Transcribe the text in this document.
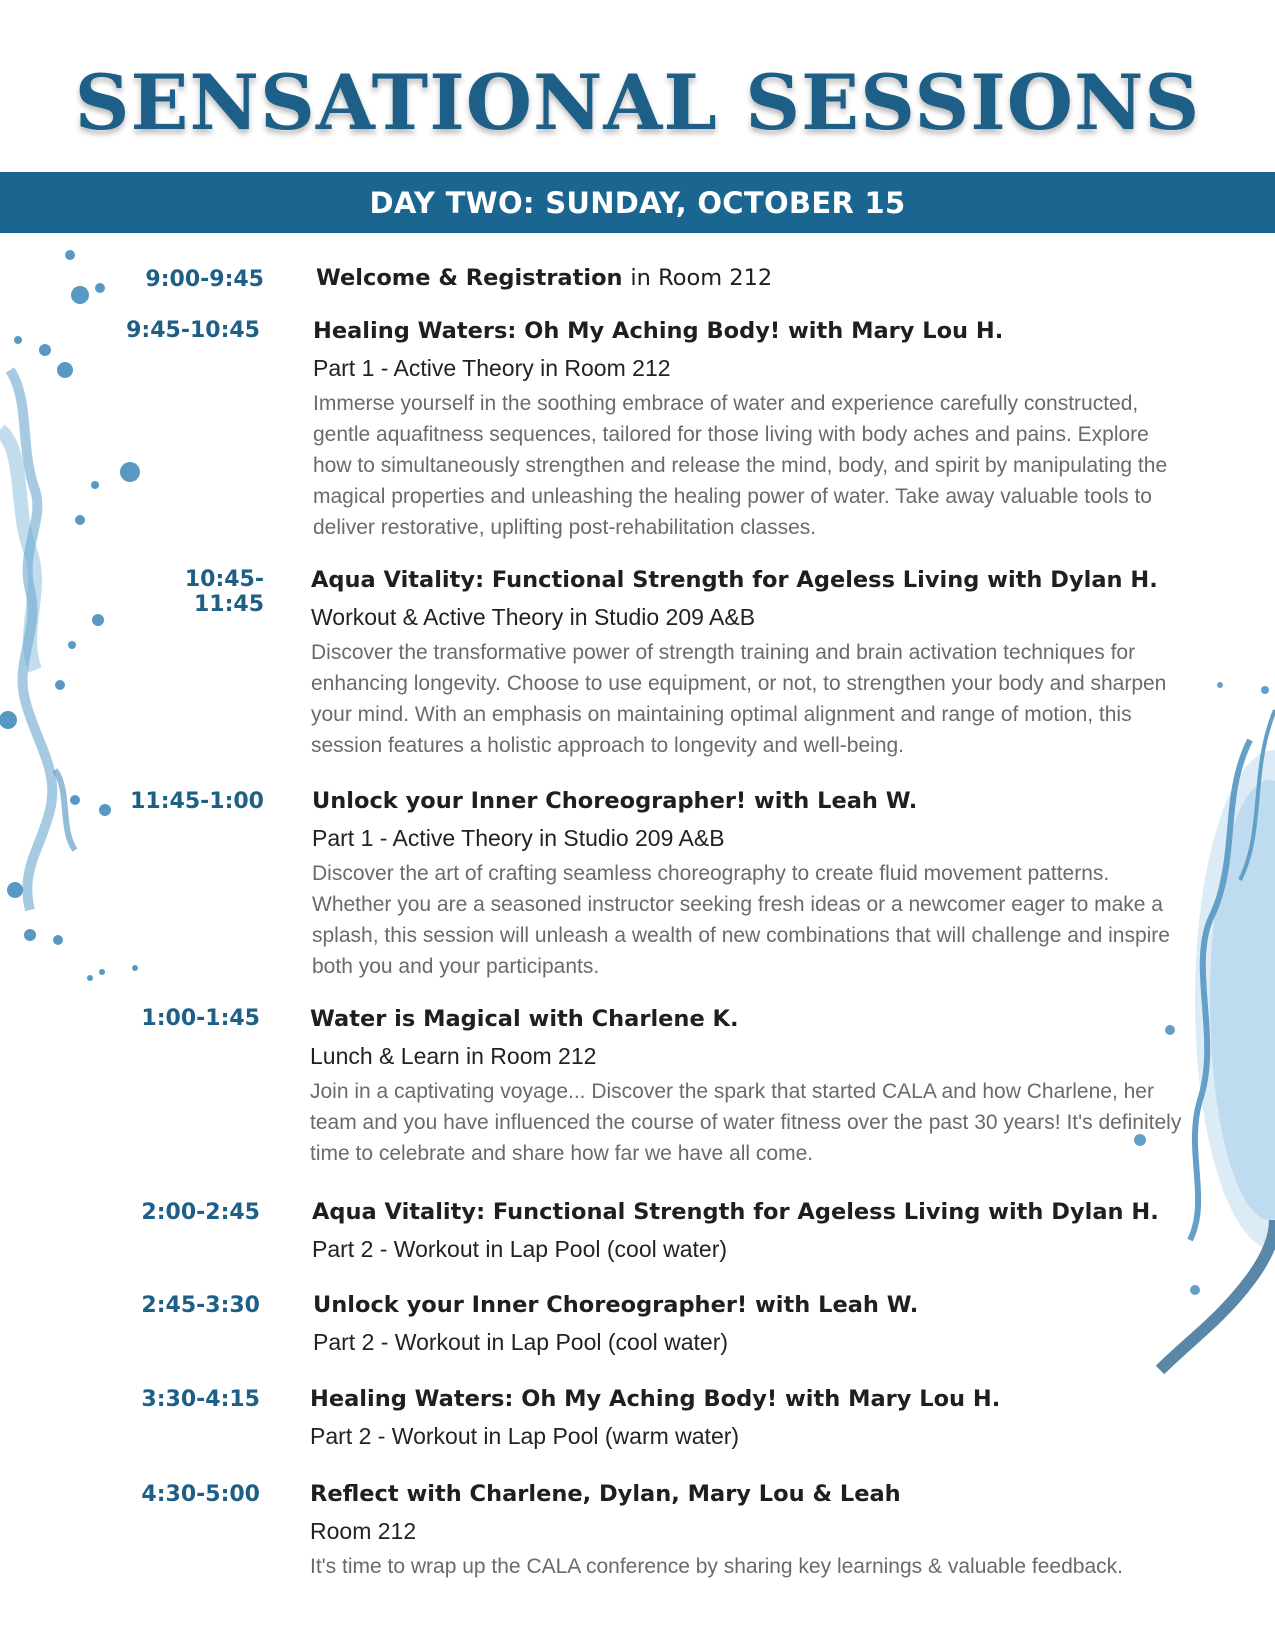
SENSATIONAL SESSIONS
DAY TWO: SUNDAY, OCTOBER 15
9:00-9:45 Welcome & Registration in Room 212
9:45-10:45 Healing Waters: Oh My Aching Body! with Mary Lou H.
Part 1 - Active Theory in Room 212
Immerse yourself in the soothing embrace of water and experience carefully constructed, gentle aquafitness sequences, tailored for those living with body aches and pains. Explore how to simultaneously strengthen and release the mind, body, and spirit by manipulating the magical properties and unleashing the healing power of water. Take away valuable tools to deliver restorative, uplifting post-rehabilitation classes.
10:45-11:45
Aqua Vitality: Functional Strength for Ageless Living with Dylan H.
Workout & Active Theory in Studio 209 A&B
Discover the transformative power of strength training and brain activation techniques for enhancing longevity. Choose to use equipment, or not, to strengthen your body and sharpen your mind. With an emphasis on maintaining optimal alignment and range of motion, this session features a holistic approach to longevity and well-being.
11:45-1:00 Unlock your Inner Choreographer! with Leah W.
Part 1 - Active Theory in Studio 209 A&B
Discover the art of crafting seamless choreography to create fluid movement patterns. Whether you are a seasoned instructor seeking fresh ideas or a newcomer eager to make a splash, this session will unleash a wealth of new combinations that will challenge and inspire both you and your participants.
1:00-1:45 Water is Magical with Charlene K.
Lunch & Learn in Room 212
Join in a captivating voyage... Discover the spark that started CALA and how Charlene, her team and you have influenced the course of water fitness over the past 30 years! It's definitely time to celebrate and share how far we have all come.
2:00-2:45 Aqua Vitality: Functional Strength for Ageless Living with Dylan H.
Part 2 - Workout in Lap Pool (cool water)
2:45-3:30 Unlock your Inner Choreographer! with Leah W.
Part 2 - Workout in Lap Pool (cool water)
3:30-4:15 Healing Waters: Oh My Aching Body! with Mary Lou H.
Part 2 - Workout in Lap Pool (warm water)
4:30-5:00 Reflect with Charlene, Dylan, Mary Lou & Leah
Room 212
It's time to wrap up the CALA conference by sharing key learnings & valuable feedback.
